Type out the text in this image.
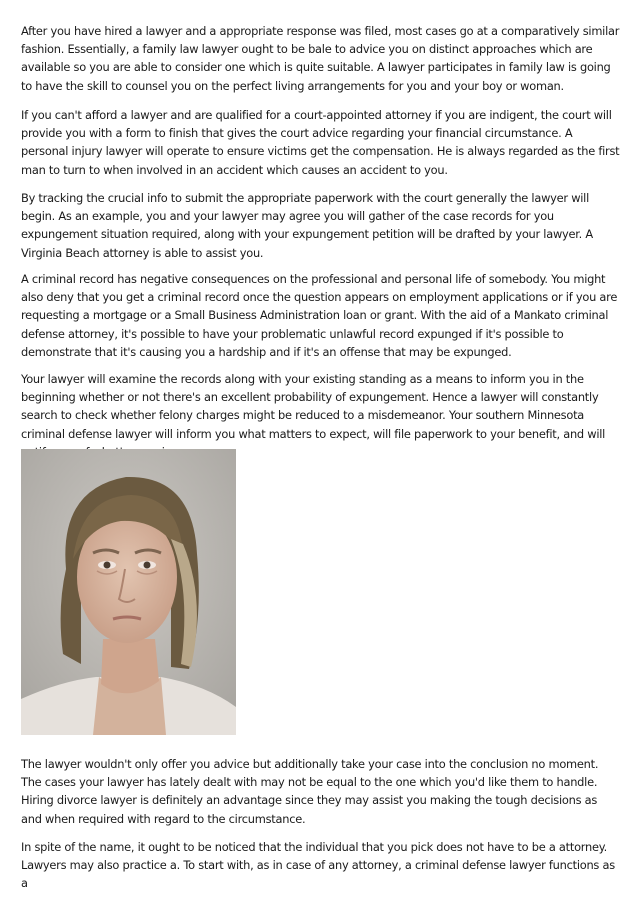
After you have hired a lawyer and a appropriate response was filed, most cases go at a comparatively similar fashion. Essentially, a family law lawyer ought to be bale to advice you on distinct approaches which are available so you are able to consider one which is quite suitable. A lawyer participates in family law is going to have the skill to counsel you on the perfect living arrangements for you and your boy or woman.

If you can't afford a lawyer and are qualified for a court-appointed attorney if you are indigent, the court will provide you with a form to finish that gives the court advice regarding your financial circumstance. A personal injury lawyer will operate to ensure victims get the compensation. He is always regarded as the first man to turn to when involved in an accident which causes an accident to you.

By tracking the crucial info to submit the appropriate paperwork with the court generally the lawyer will begin. As an example, you and your lawyer may agree you will gather of the case records for you expungement situation required, along with your expungement petition will be drafted by your lawyer. A Virginia Beach attorney is able to assist you.

A criminal record has negative consequences on the professional and personal life of somebody. You might also deny that you get a criminal record once the question appears on employment applications or if you are requesting a mortgage or a Small Business Administration loan or grant. With the aid of a Mankato criminal defense attorney, it's possible to have your problematic unlawful record expunged if it's possible to demonstrate that it's causing you a hardship and if it's an offense that may be expunged.

Your lawyer will examine the records along with your existing standing as a means to inform you in the beginning whether or not there's an excellent probability of expungement. Hence a lawyer will constantly search to check whether felony charges might be reduced to a misdemeanor. Your southern Minnesota criminal defense lawyer will inform you what matters to expect, will file paperwork to your benefit, and will

The lawyer wouldn't only offer you advice but additionally take your case into the conclusion no moment. The cases your lawyer has lately dealt with may not be equal to the one which you'd like them to handle. Hiring divorce lawyer is definitely an advantage since they may assist you making the tough decisions as and when required with regard to the circumstance.

In spite of the name, it ought to be noticed that the individual that you pick does not have to be a attorney. Lawyers may also practice a. To start with, as in case of any attorney, a criminal defense lawyer functions as a
